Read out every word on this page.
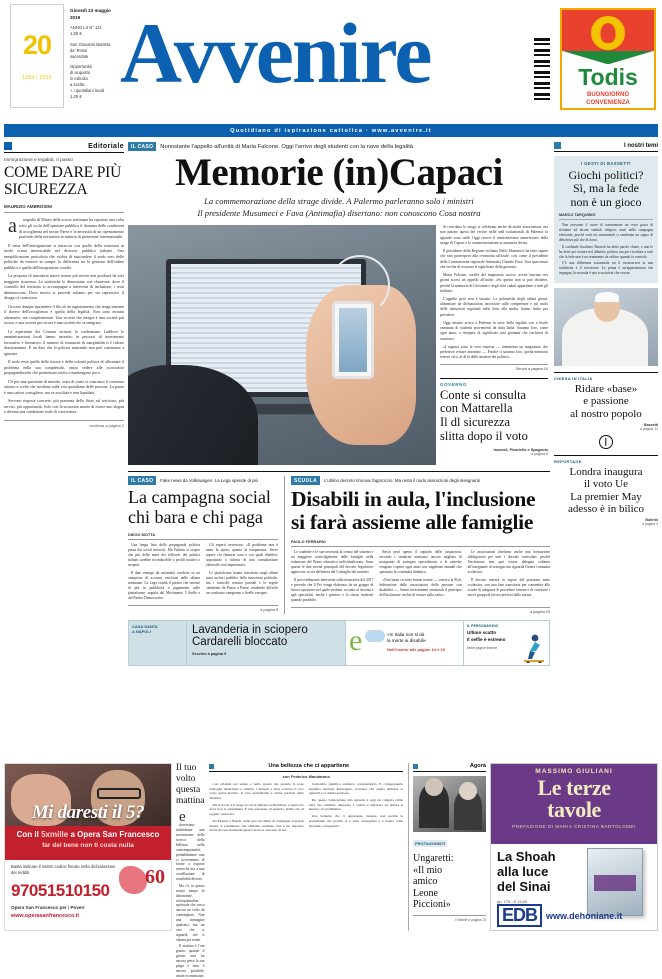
20
1999 / 2019
Giovedì 23 maggio
2019
ANNO LII N° 121
1,50 €
San Giovanni Battista de' Rossi
sacerdote
Opportunità
di acquisto
in edicola
a scelta
+ i quotidiani locali
1,20 € Avvenire	Todis
BUONGIORNO
CONVENIENZA
Quotidiano di ispirazione cattolica · www.avvenire.it
Editoriale
Immigrazione e legalità. Il passo
COME DARE PIÙ SICUREZZA
MAURIZIO AMBROSINI

atragedia di Mineo delle scorse settimane ha riportato una volta sotto gli occhi dell'opinione pubblica il dramma delle condizioni di accoglienza nel nostro Paese e la necessità di un ripensamento profondo della normativa in materia di protezione internazionale.

Il tema dell'immigrazione si intreccia con quello della sicurezza in modo ormai inestricabile nel discorso pubblico italiano. Una semplificazione pericolosa che rischia di nascondere il nodo vero delle politiche da mettere in campo: la differenza tra la gestione dell'ordine pubblico e quella dell'integrazione sociale.

La proposta di introdurre nuove norme più severe non produrrà da sola maggiore sicurezza. Le statistiche lo dimostrano con chiarezza: dove il controllo del territorio si accompagna a interventi di inclusione, i reati diminuiscono. Dove invece si procede soltanto per via repressiva, il disagio si cronicizza.

Occorre dunque riprendere il filo di un ragionamento che tenga insieme il dovere dell'accoglienza e quello della legalità. Non sono termini alternativi, ma complementari. Una società che integra è una società più sicura, e una società più sicura è una società che sa integrare.

Le esperienze dei Comuni virtuosi lo confermano. Laddove le amministrazioni locali hanno investito in percorsi di inserimento lavorativo e formativo, il numero di situazioni di marginalità si è ridotto drasticamente. È un dato che la politica nazionale non può continuare a ignorare.

Il nodo resta quello delle risorse e della volontà politica di affrontare il problema nella sua complessità, senza cedere alle scorciatoie propagandistiche che promettono molto e mantengono poco.

C'è poi una questione di metodo, ossia di come si costruisce il consenso attorno a scelte che incidono sulla vita quotidiana delle persone. La paura è una cattiva consigliera, ma va ascoltata e non liquidata.

Servono risposte concrete: più presenza dello Stato sul territorio, più servizi, più opportunità. Solo così la sicurezza smette di essere uno slogan e diventa una condizione reale di convivenza.

continua a pagina 2
IL CASO	Nonostante l'appello all'unità di Maria Falcone. Oggi l'arrivo degli studenti con la nave della legalità
Memorie (in)Capaci
La commemorazione della strage divide. A Palermo parleranno solo i ministri
Il presidente Musumeci e Fava (Antimafia) disertano: non conoscono Cosa nostra

Si ricordano le stragi, si celebrano anche da molte associazioni, ma non paiono questi del vertice nelle sedi istituzionali di Palermo lo sguardo sono saldi. Oggi ricorre il ventisettesimo anniversario della strage di Capaci e la commemorazione si annuncia divisa.

Il presidente della Regione siciliana Nello Musumeci ha fatto sapere che non parteciperà alla cerimonia ufficiale, così come il presidente della Commissione regionale Antimafia Claudio Fava. Una spaccatura che rischia di oscurare il significato della giornata.

Maria Falcone, sorella del magistrato ucciso, aveva lanciato nei giorni scorsi un appello all'unità: «Su questo non si può dividere, perché la memoria di Giovanni e degli altri caduti appartiene a tutti gli italiani».

L'appello però non è bastato. Le polemiche degli ultimi giorni, alimentate da dichiarazioni incrociate sulle competenze e sul ruolo delle istituzioni regionali nella lotta alla mafia, hanno finito per prevalere.

Oggi intanto arriva a Palermo la nave della legalità con a bordo centinaia di studenti provenienti da tutta Italia. Saranno loro, come ogni anno, a riempire di significato una giornata che rischiava di svuotarsi.

«I ragazzi sono la vera risposta — commenta un magistrato che preferisce restare anonimo —. Finché ci saranno loro, quella memoria resterà viva, al di là delle assenze dei politici».

Servizi a pagina 10
GOVERNO
Conte si consulta
con Mattarella
Il dl sicurezza
slitta dopo il voto
Iasevoli, Picariello e Spagnolo
a pagina 6
IL CASO	Fake news da Volkswagen. La Lega spende di più
La campagna social
chi bara e chi paga
DIEGO MOTTA

Una lunga lista della propaganda politica passa dai social network. Ma l'ultimo si scopre che più della metà dei follower dei politici italiani sarebbe riconducibile a profili inattivi o sospetti.

Il dato emerge da un'analisi condotta su un campione di account verificati nelle ultime settimane. La Lega risulta il partito che investe di più in pubblicità a pagamento sulle piattaforme, seguita dal Movimento 5 Stelle e dal Partito Democratico.

Gli esperti avvertono: «Il problema non è tanto la spesa, quanto la trasparenza. Serve sapere chi finanzia cosa e con quali obiettivi, soprattutto a ridosso di una consultazione elettorale così importante».

Le piattaforme hanno introdotto negli ultimi mesi archivi pubblici delle inserzioni politiche, ma i controlli restano parziali e le regole cambiano da Paese a Paese, rendendo difficile un confronto omogeneo a livello europeo.

a pagina 8
SCUOLA	L'ultimo decreto rinnova l'approccio. Ma resta il nodo assunzioni degli insegnanti
Disabili in aula, l'inclusione
si farà assieme alle famiglie
PAOLO FERRARIO

Lo studente e le sue necessità al centro del sistema e un maggiore coinvolgimento delle famiglie nella redazione del Piano educativo individualizzato. Sono queste le due novità principali del decreto legislativo approvato in via definitiva dal Consiglio dei ministri.

Il provvedimento interviene sulla normativa del 2017 e prevede che il Pei venga elaborato da un gruppo di lavoro operativo nel quale siedono, accanto ai docenti e agli specialisti, anche i genitori e lo stesso studente quando possibile.

Resta però aperto il capitolo delle assunzioni: secondo i sindacati mancano ancora migliaia di insegnanti di sostegno specializzati, e le cattedre vengono coperte ogni anno con supplenze annuali che spezzano la continuità didattica.

«Non basta scrivere buone norme — osserva la Fish, federazione delle associazioni delle persone con disabilità —. Senza investimenti strutturali il principio dell'inclusione rischia di restare sulla carta».

Le associazioni chiedono anche una formazione obbligatoria per tutti i docenti curricolari, perché l'inclusione non può essere delegata soltanto all'insegnante di sostegno ma riguarda l'intera comunità scolastica.

Il decreto entrerà in vigore dal prossimo anno scolastico, con una fase transitoria per consentire alle scuole di adeguare le procedure interne e di costituire i nuovi gruppi di lavoro previsti dalla norma.

a pagina 15
CASA SANTA
A NAPOLI	Lavanderia in sciopero
Cardarelli bloccato
Secchio a pagina 9	e	«In Italia non si dà
la morte ai disabili»
Nell'inserto alle pagine 14 e 15
IL PERSONAGGIO
Ultimo scatto
Il selfie è estremo
Nelle pagine interne
I nostri temi
I GESTI DI BASSETTI
Giochi politici?
Sì, ma la fede
non è un gioco
MARCO TARQUINIO

Non avevamo il cuore di commentare un certo gioco di richiami ad alcuni simboli religiosi usati nella campagna elettorale, perché certi usi strumentali ci sembrano un segno di debolezza più che di forza.

Il cardinale Gualtiero Bassetti ha detto parole chiare, e non le ha dette per entrare nel dibattito politico ma per ricordare a tutti che la fede non è un ornamento da esibire quando fa comodo.

C'è una differenza sostanziale tra il riconoscersi in una tradizione e il servirsene. La prima è un'appartenenza che impegna, la seconda è una scorciatoia che svuota.

CHIESA IN ITALIA
Ridare «base»
e passione
al nostro popolo
Bassetti
a pagina 12
REPORTAGE
Londra inaugura
il voto Ue
La premier May
adesso è in bilico
Bultrini
a pagina 3
Mi daresti il 5?
Con il 5xmille a Opera San Francesco
far del bene non ti costa nulla
Basta indicare il nostro codice fiscale nella dichiarazione dei redditi
97051510150
Opera San Francesco per i Poveri
www.operasanfrancesco.it
60
Il tuo volto
questa mattina

edovessimo individuare una motivazione della ricerca della bellezza nella contemporaneità, probabilmente non ci troveremmo di fronte a risposte univoche ma a una costellazione di sensibilità diverse.

Ma c'è, in questo nostro tempo di distrazione, un'inquietudine spirituale che cerca ancora un volto da contemplare. Non una immagine qualsiasi, ma un viso che ci riguardi, che ci chiami per nome.

Il mattino è l'ora giusta: quando il giorno non ha ancora preso la sua piega e tutto è ancora possibile, anche ricominciare.

Una bellezza che ci appartiene
con Federico Mandarano

così evidenti nel tempo e nello spazio che quando le pose analoghe disturbarle a chiarire i dettagli e deve scrivere il loro volto quasi inattivo. Il vero naturalismo è anche parziale nella fioritura.

Ma il secolo è il luogo in cui la bellezza si manifesta, e spesso da dove non la attendiamo. È una questione di sguardo, prima che di oggetto osservato.

Da Firenze a Napoli, dalle piccole chiese di campagna ai grandi musei, il patrimonio che abbiamo ereditato non è un deposito inerte ma una domanda aperta rivolta a ciascuno di noi.

Custodirlo significa anzitutto comprenderlo. E comprenderlo significa lasciarsi interrogare, accettare che quella bellezza ci riguardi e ci chieda qualcosa.

Per questo l'educazione allo sguardo è oggi un compito civile oltre che culturale. Imparare a vedere è imparare ad abitare il mondo con gratitudine.

Una bellezza che ci appartiene, dunque, non perché la possediamo ma perché ci è stata consegnata e a nostra volta dovremo consegnarla.

Agorà
PROTAGONISTI
Ungaretti:
«Il mio
amico
Leone
Piccioni»
Il Nobile a pagina 23
MASSIMO GIULIANI
Le terze
tavole
PREFAZIONE DI MARIA CRISTINA BARTOLOMEI
La Shoah
alla luce
del Sinai
pp. 176 - € 16,50
EDB	www.dehoniane.it
